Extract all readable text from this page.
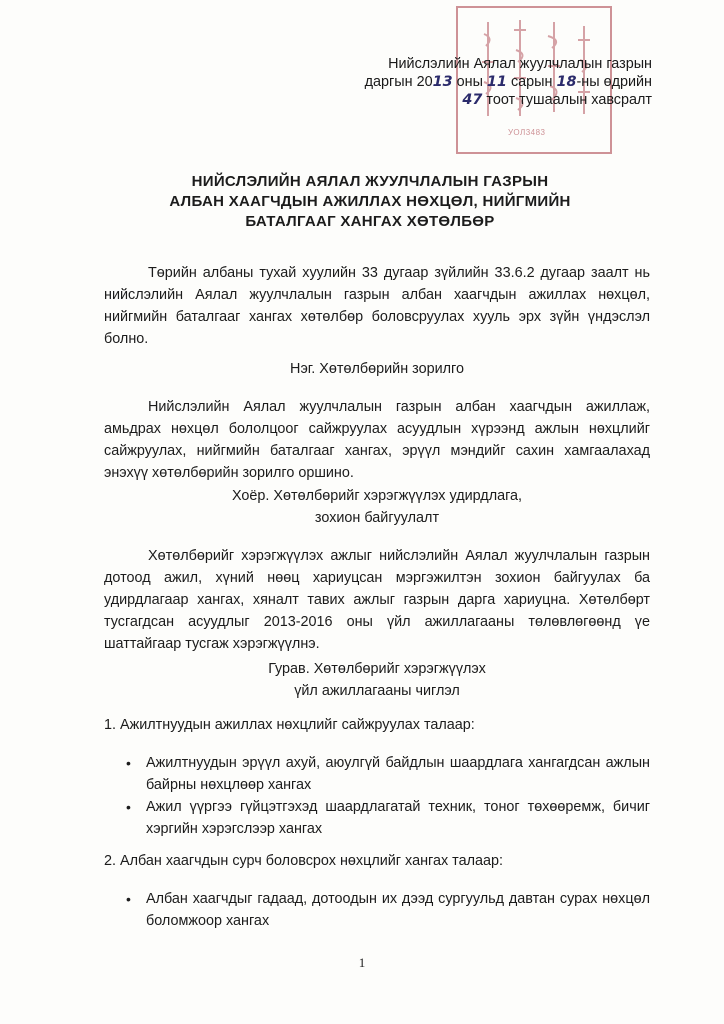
УОЛ3483
Нийслэлийн Аялал жуулчлалын газрын
даргын 2013 оны 11 сарын 18-ны өдрийн
47 тоот тушаалын хавсралт
НИЙСЛЭЛИЙН АЯЛАЛ ЖУУЛЧЛАЛЫН ГАЗРЫН
АЛБАН ХААГЧДЫН АЖИЛЛАХ НӨХЦӨЛ, НИЙГМИЙН
БАТАЛГААГ ХАНГАХ ХӨТӨЛБӨР
Төрийн албаны тухай хуулийн 33 дугаар зүйлийн 33.6.2 дугаар заалт нь нийслэлийн Аялал жуулчлалын газрын албан хаагчдын ажиллах нөхцөл, нийгмийн баталгааг хангах хөтөлбөр боловсруулах хууль эрх зүйн үндэслэл болно.
Нэг. Хөтөлбөрийн зорилго
Нийслэлийн Аялал жуулчлалын газрын албан хаагчдын ажиллаж, амьдрах нөхцөл бололцоог сайжруулах асуудлын хүрээнд ажлын нөхцлийг сайжруулах, нийгмийн баталгааг хангах, эрүүл мэндийг сахин хамгаалахад энэхүү хөтөлбөрийн зорилго оршино.
Хоёр. Хөтөлбөрийг хэрэгжүүлэх удирдлага,
зохион байгуулалт
Хөтөлбөрийг хэрэгжүүлэх ажлыг нийслэлийн Аялал жуулчлалын газрын дотоод ажил, хүний нөөц хариуцсан мэргэжилтэн зохион байгуулах ба удирдлагаар хангах, хяналт тавих ажлыг газрын дарга хариуцна. Хөтөлбөрт тусгагдсан асуудлыг 2013-2016 оны үйл ажиллагааны төлөвлөгөөнд үе шаттайгаар тусгаж хэрэгжүүлнэ.
Гурав. Хөтөлбөрийг хэрэгжүүлэх
үйл ажиллагааны чиглэл
1. Ажилтнуудын ажиллах нөхцлийг сайжруулах талаар:
• Ажилтнуудын эрүүл ахуй, аюулгүй байдлын шаардлага хангагдсан ажлын байрны нөхцлөөр хангах
• Ажил үүргээ гүйцэтгэхэд шаардлагатай техник, тоног төхөөремж, бичиг хэргийн хэрэгслээр хангах
2. Албан хаагчдын сурч боловсрох нөхцлийг хангах талаар:
• Албан хаагчдыг гадаад, дотоодын их дээд сургуульд давтан сурах нөхцөл боломжоор хангах
1
